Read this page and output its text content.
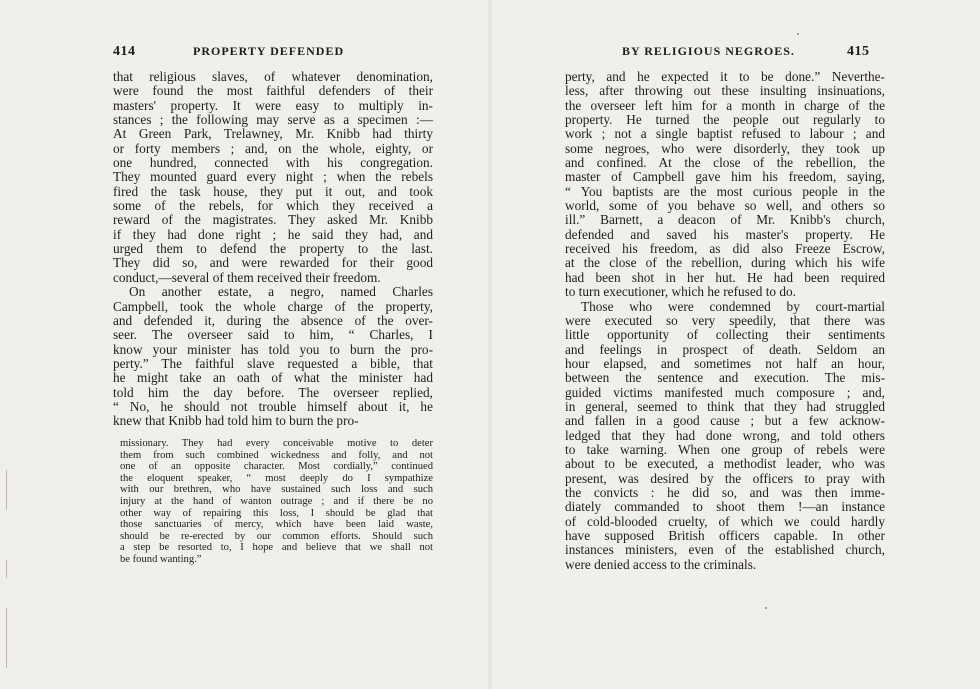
414	PROPERTY DEFENDED
that religious slaves, of whatever denomination,
were found the most faithful defenders of their
masters' property. It were easy to multiply in-
stances ; the following may serve as a specimen :—
At Green Park, Trelawney, Mr. Knibb had thirty
or forty members ; and, on the whole, eighty, or
one hundred, connected with his congregation.
They mounted guard every night ; when the rebels
fired the task house, they put it out, and took
some of the rebels, for which they received a
reward of the magistrates. They asked Mr. Knibb
if they had done right ; he said they had, and
urged them to defend the property to the last.
They did so, and were rewarded for their good
conduct,—several of them received their freedom.
On another estate, a negro, named Charles
Campbell, took the whole charge of the property,
and defended it, during the absence of the over-
seer. The overseer said to him, “ Charles, I
know your minister has told you to burn the pro-
perty.” The faithful slave requested a bible, that
he might take an oath of what the minister had
told him the day before. The overseer replied,
“ No, he should not trouble himself about it, he
knew that Knibb had told him to burn the pro-
missionary. They had every conceivable motive to deter
them from such combined wickedness and folly, and not
one of an opposite character. Most cordially,” continued
the eloquent speaker, “ most deeply do I sympathize
with our brethren, who have sustained such loss and such
injury at the hand of wanton outrage ; and if there be no
other way of repairing this loss, I should be glad that
those sanctuaries of mercy, which have been laid waste,
should be re-erected by our common efforts. Should such
a step be resorted to, I hope and believe that we shall not
be found wanting.”
BY RELIGIOUS NEGROES.	415
perty, and he expected it to be done.” Neverthe-
less, after throwing out these insulting insinuations,
the overseer left him for a month in charge of the
property. He turned the people out regularly to
work ; not a single baptist refused to labour ; and
some negroes, who were disorderly, they took up
and confined. At the close of the rebellion, the
master of Campbell gave him his freedom, saying,
“ You baptists are the most curious people in the
world, some of you behave so well, and others so
ill.” Barnett, a deacon of Mr. Knibb's church,
defended and saved his master's property. He
received his freedom, as did also Freeze Escrow,
at the close of the rebellion, during which his wife
had been shot in her hut. He had been required
to turn executioner, which he refused to do.
Those who were condemned by court-martial
were executed so very speedily, that there was
little opportunity of collecting their sentiments
and feelings in prospect of death. Seldom an
hour elapsed, and sometimes not half an hour,
between the sentence and execution. The mis-
guided victims manifested much composure ; and,
in general, seemed to think that they had struggled
and fallen in a good cause ; but a few acknow-
ledged that they had done wrong, and told others
to take warning. When one group of rebels were
about to be executed, a methodist leader, who was
present, was desired by the officers to pray with
the convicts : he did so, and was then imme-
diately commanded to shoot them !—an instance
of cold-blooded cruelty, of which we could hardly
have supposed British officers capable. In other
instances ministers, even of the established church,
were denied access to the criminals.
